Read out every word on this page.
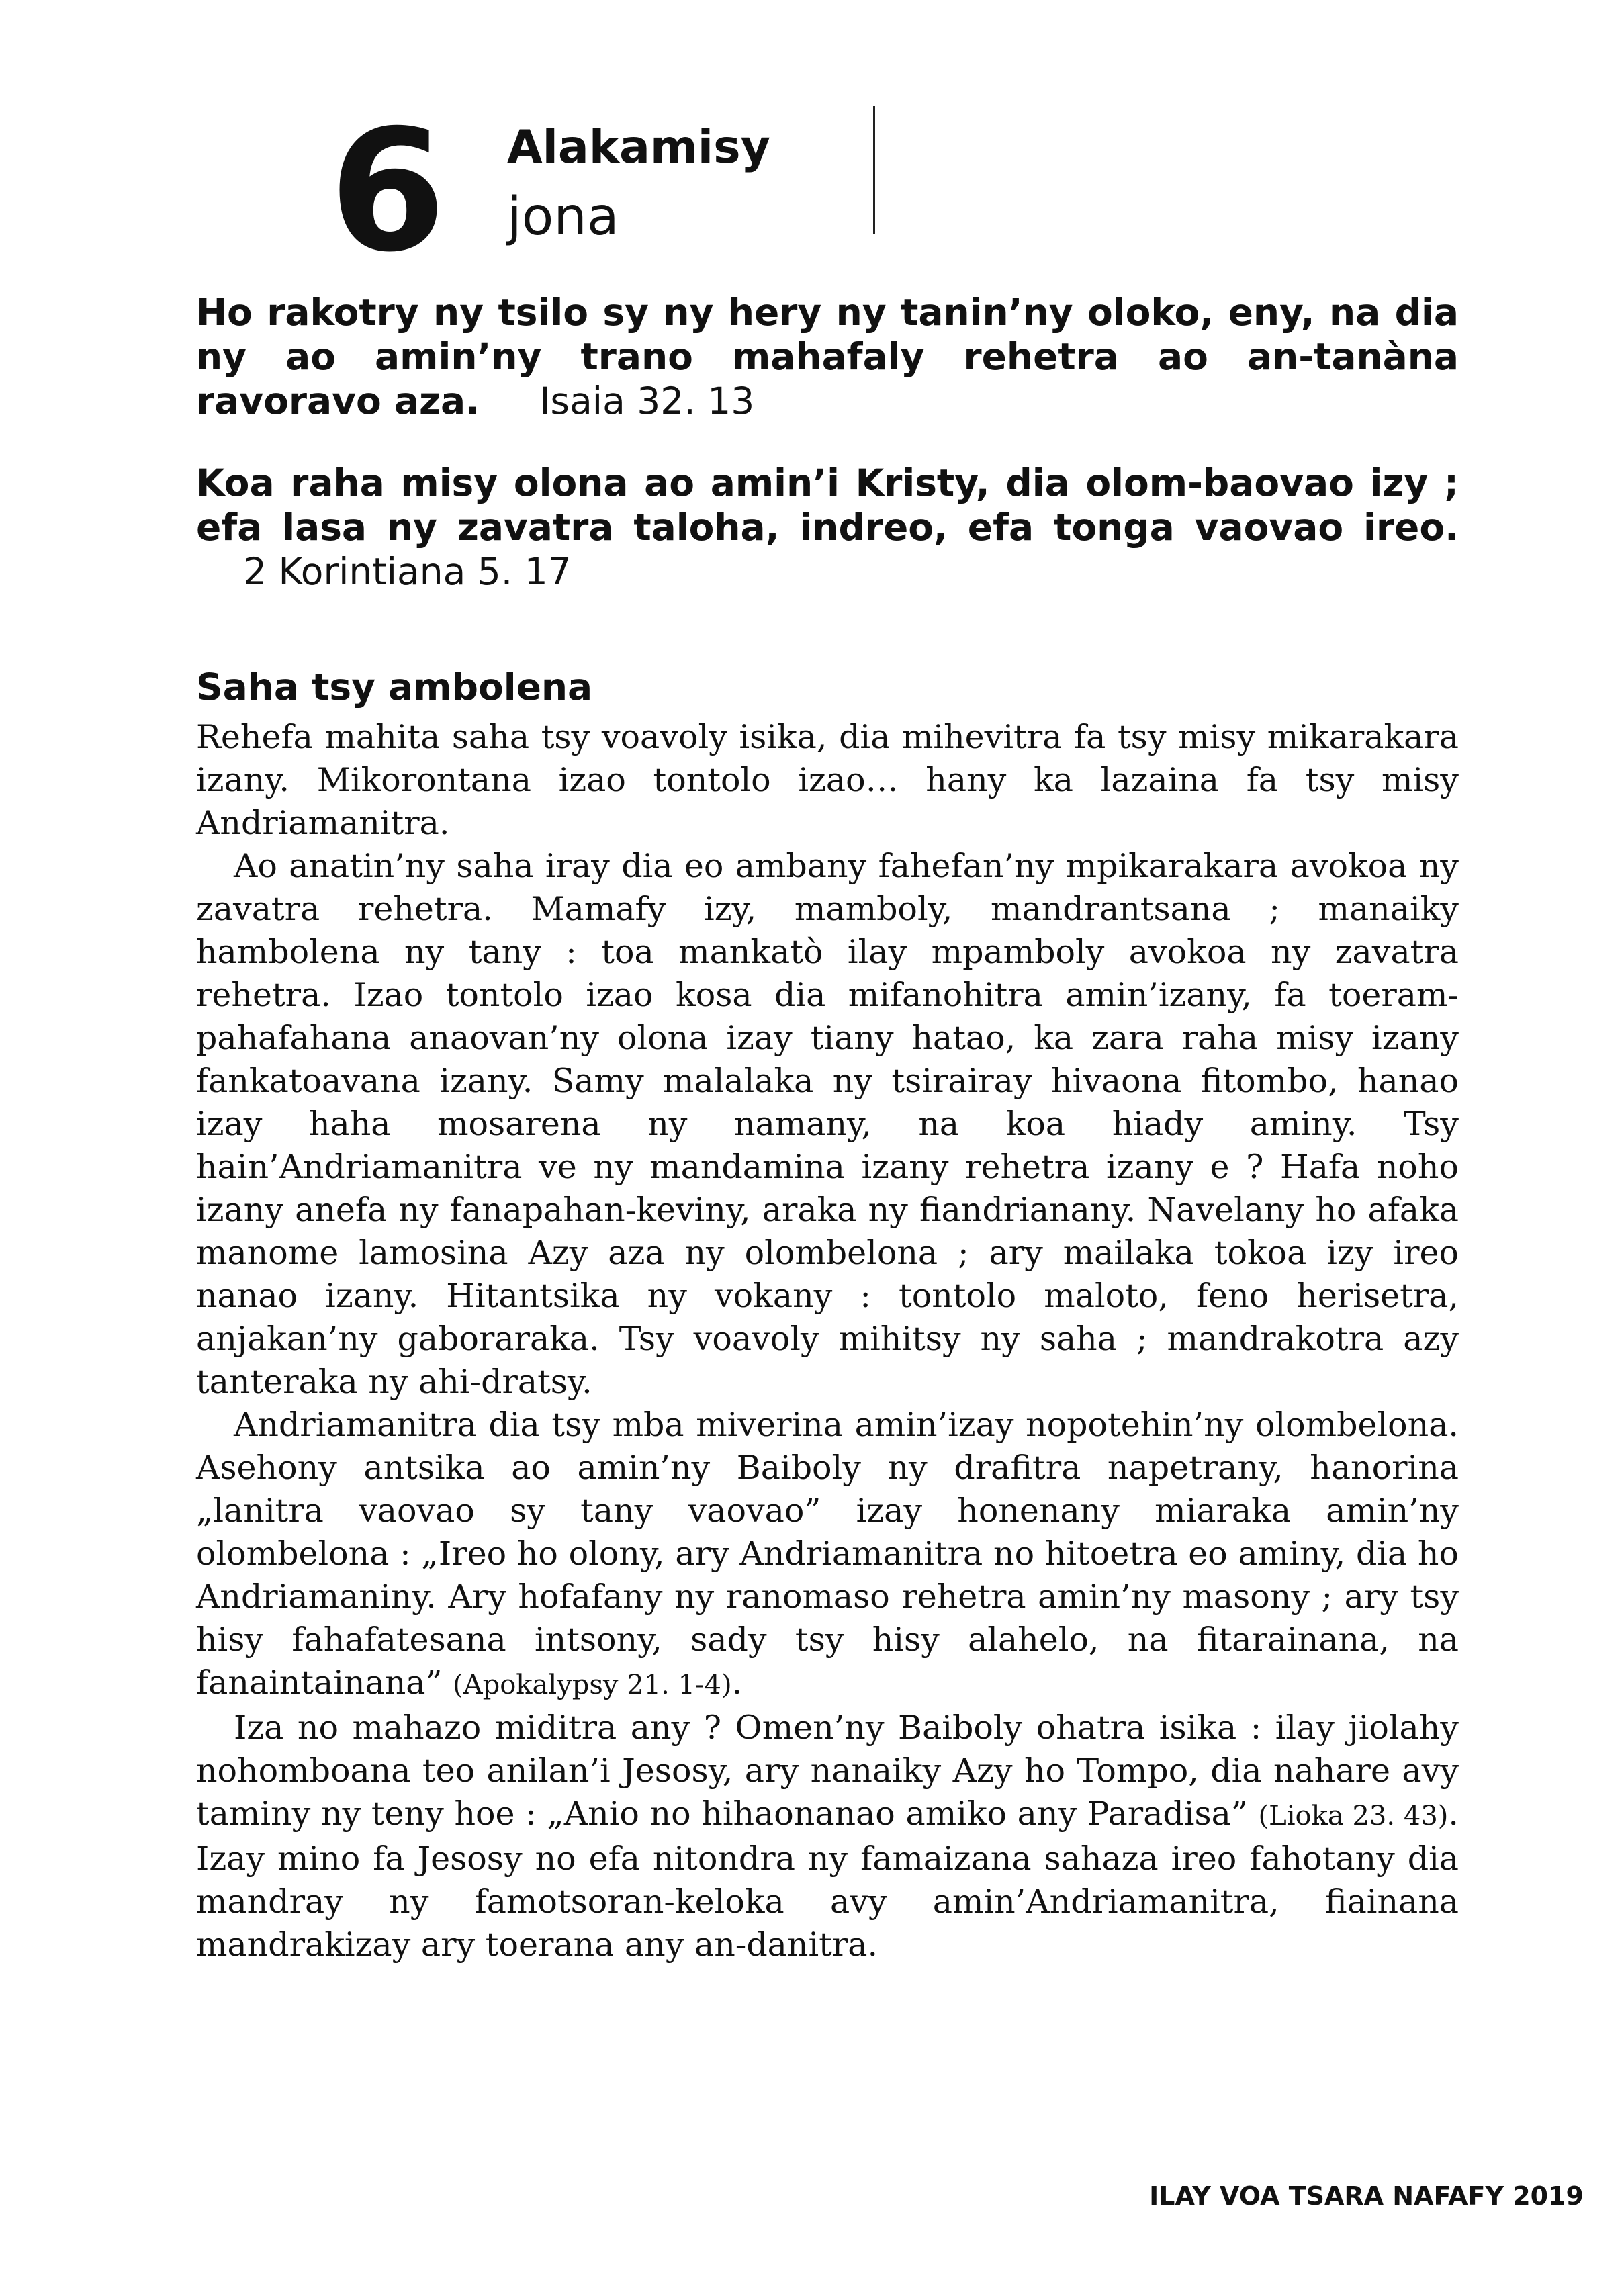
6 Alakamisy
jona
Ho rakotry ny tsilo sy ny hery ny tanin’ny oloko, eny, na dia ny ao amin’ny trano mahafaly rehetra ao an-tanàna ravoravo aza. Isaia 32. 13
Koa raha misy olona ao amin’i Kristy, dia olom-baovao izy ; efa lasa ny zavatra taloha, indreo, efa tonga vaovao ireo. 2 Korintiana 5. 17
Saha tsy ambolena

Rehefa mahita saha tsy voavoly isika, dia mihevitra fa tsy misy mikarakara izany. Mikorontana izao tontolo izao… hany ka lazaina fa tsy misy Andriamanitra.

Ao anatin’ny saha iray dia eo ambany fahefan’ny mpikarakara avokoa ny zavatra rehetra. Mamafy izy, mamboly, mandrantsana ; manaiky hambolena ny tany : toa mankatò ilay mpamboly avokoa ny zavatra rehetra. Izao tontolo izao kosa dia mifanohitra amin’izany, fa toeram-pahafahana anaovan’ny olona izay tiany hatao, ka zara raha misy izany fankatoavana izany. Samy malalaka ny tsirairay hivaona fitombo, hanao izay haha mosarena ny namany, na koa hiady aminy. Tsy hain’Andriamanitra ve ny mandamina izany rehetra izany e ? Hafa noho izany anefa ny fanapahan-keviny, araka ny fiandrianany. Navelany ho afaka manome lamosina Azy aza ny olombelona ; ary mailaka tokoa izy ireo nanao izany. Hitantsika ny vokany : tontolo maloto, feno herisetra, anjakan’ny gaboraraka. Tsy voavoly mihitsy ny saha ; mandrakotra azy tanteraka ny ahi-dratsy.

Andriamanitra dia tsy mba miverina amin’izay nopotehin’ny olombelona. Asehony antsika ao amin’ny Baiboly ny drafitra napetrany, hanorina „lanitra vaovao sy tany vaovao” izay honenany miaraka amin’ny olombelona : „Ireo ho olony, ary Andriamanitra no hitoetra eo aminy, dia ho Andriamaniny. Ary hofafany ny ranomaso rehetra amin’ny masony ; ary tsy hisy fahafatesana intsony, sady tsy hisy alahelo, na fitarainana, na fanaintainana” (Apokalypsy 21. 1-4).

Iza no mahazo miditra any ? Omen’ny Baiboly ohatra isika : ilay jiolahy nohomboana teo anilan’i Jesosy, ary nanaiky Azy ho Tompo, dia nahare avy taminy ny teny hoe : „Anio no hihaonanao amiko any Paradisa” (Lioka 23. 43). Izay mino fa Jesosy no efa nitondra ny famaizana sahaza ireo fahotany dia mandray ny famotsoran-keloka avy amin’Andriamanitra, fiainana mandrakizay ary toerana any an-danitra.

ILAY VOA TSARA NAFAFY 2019
